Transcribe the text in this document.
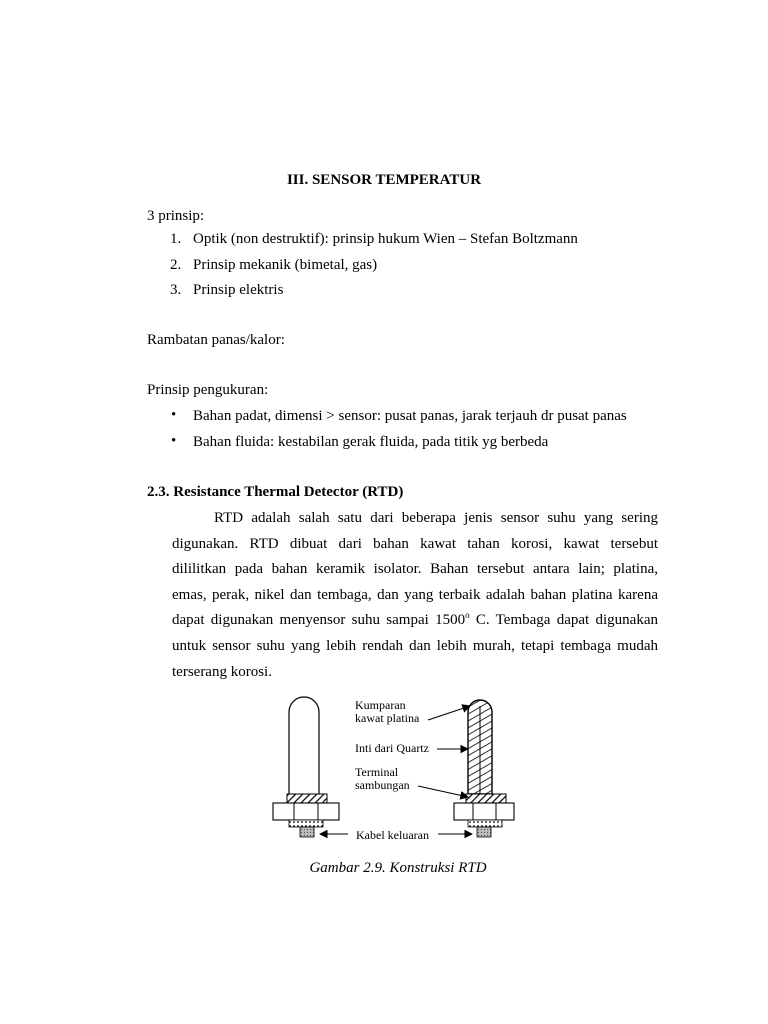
III. SENSOR TEMPERATUR
3 prinsip:
1. Optik (non destruktif): prinsip hukum Wien – Stefan Boltzmann
2. Prinsip mekanik (bimetal, gas)
3. Prinsip elektris
Rambatan panas/kalor:
Prinsip pengukuran:
• Bahan padat, dimensi > sensor: pusat panas, jarak terjauh dr pusat panas
• Bahan fluida: kestabilan gerak fluida, pada titik yg berbeda
2.3. Resistance Thermal Detector (RTD)
RTD adalah salah satu dari beberapa jenis sensor suhu yang sering
digunakan. RTD dibuat dari bahan kawat tahan korosi, kawat tersebut
dililitkan pada bahan keramik isolator. Bahan tersebut antara lain; platina,
emas, perak, nikel dan tembaga, dan yang terbaik adalah bahan platina karena
dapat digunakan menyensor suhu sampai 1500$^o$ C. Tembaga dapat digunakan
untuk sensor suhu yang lebih rendah dan lebih murah, tetapi tembaga mudah
terserang korosi.
Kumparan
kawat platina
Inti dari Quartz
Terminal
sambungan
Kabel keluaran
Gambar 2.9. Konstruksi RTD
